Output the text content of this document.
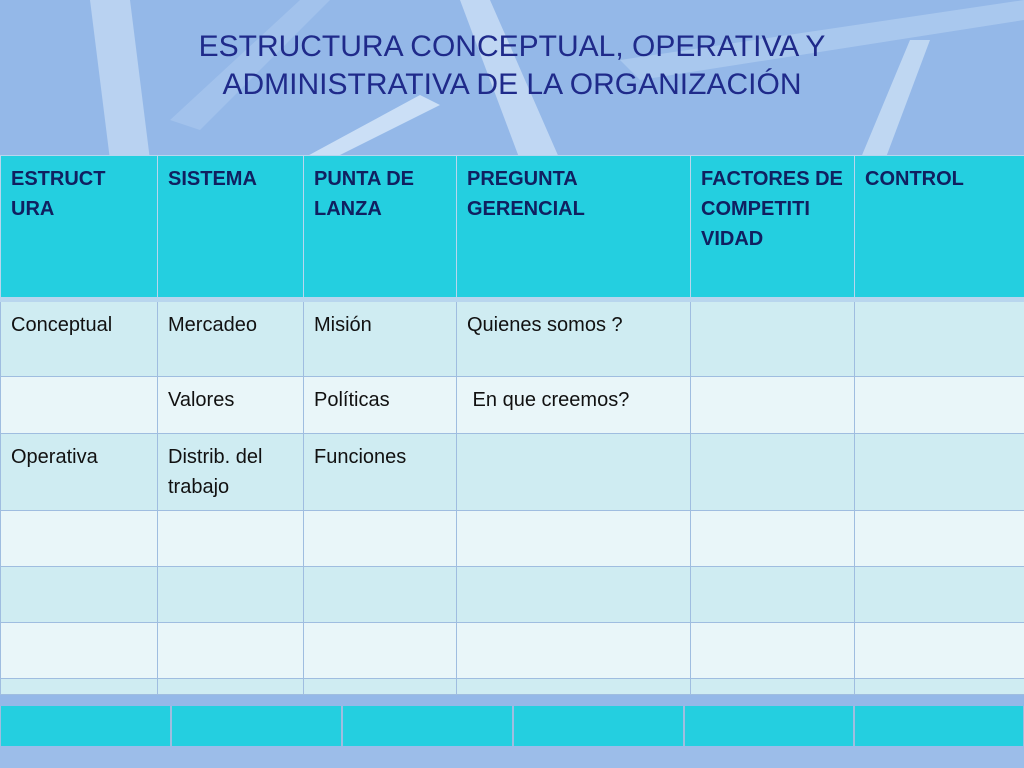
ESTRUCTURA CONCEPTUAL, OPERATIVA Y
ADMINISTRATIVA DE LA ORGANIZACIÓN
ESTRUCT URA	SISTEMA	PUNTA DE LANZA	PREGUNTA GERENCIAL	FACTORES DE COMPETITI VIDAD	CONTROL
Conceptual	Mercadeo	Misión	Quienes somos ?		
	Valores	Políticas	En que creemos?		
Operativa	Distrib. del trabajo	Funciones			
